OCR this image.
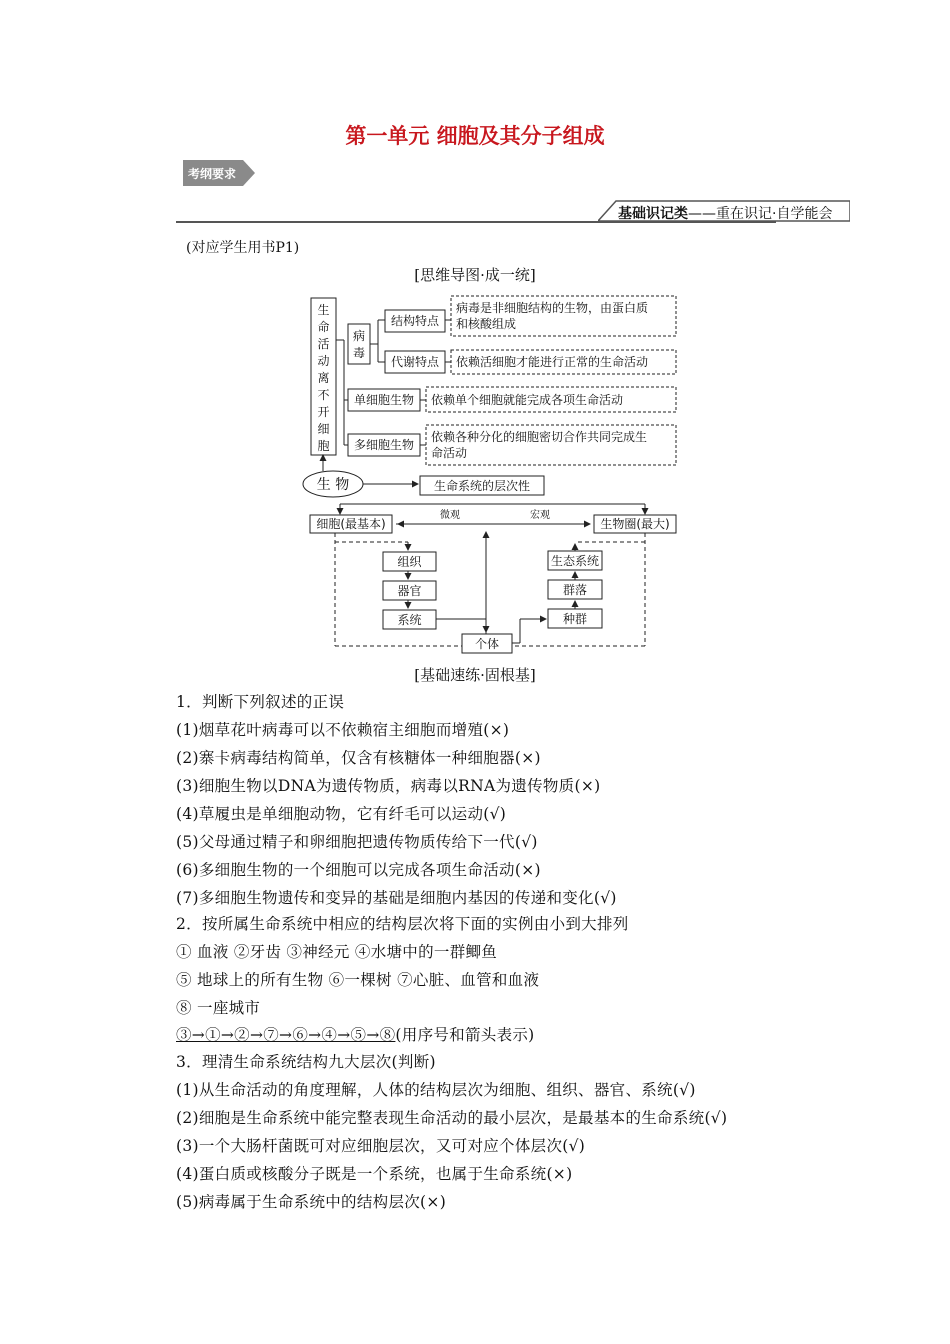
第一单元 细胞及其分子组成
考纲要求
基础识记类——重在识记·自学能会
(对应学生用书P1)
[思维导图·成一统]
生
命
活
动
离
不
开
细
胞
病
毒
结构特点
代谢特点
单细胞生物
多细胞生物
病毒是非细胞结构的生物，由蛋白质
和核酸组成
依赖活细胞才能进行正常的生命活动
依赖单个细胞就能完成各项生命活动
依赖各种分化的细胞密切合作共同完成生
命活动
生 物	生命系统的层次性
细胞(最基本)	生物圈(最大)
微观	宏观
组织
器官
系统
个体
生态系统
群落
种群
[基础速练·固根基]
1．判断下列叙述的正误
(1)烟草花叶病毒可以不依赖宿主细胞而增殖(×)
(2)寨卡病毒结构简单，仅含有核糖体一种细胞器(×)
(3)细胞生物以DNA为遗传物质，病毒以RNA为遗传物质(×)
(4)草履虫是单细胞动物，它有纤毛可以运动(√)
(5)父母通过精子和卵细胞把遗传物质传给下一代(√)
(6)多细胞生物的一个细胞可以完成各项生命活动(×)
(7)多细胞生物遗传和变异的基础是细胞内基因的传递和变化(√)
2．按所属生命系统中相应的结构层次将下面的实例由小到大排列
① 血液 ②牙齿 ③神经元 ④水塘中的一群鲫鱼
⑤ 地球上的所有生物 ⑥一棵树 ⑦心脏、血管和血液
⑧ 一座城市
③→①→②→⑦→⑥→④→⑤→⑧(用序号和箭头表示)
3．理清生命系统结构九大层次(判断)
(1)从生命活动的角度理解，人体的结构层次为细胞、组织、器官、系统(√)
(2)细胞是生命系统中能完整表现生命活动的最小层次，是最基本的生命系统(√)
(3)一个大肠杆菌既可对应细胞层次，又可对应个体层次(√)
(4)蛋白质或核酸分子既是一个系统，也属于生命系统(×)
(5)病毒属于生命系统中的结构层次(×)
